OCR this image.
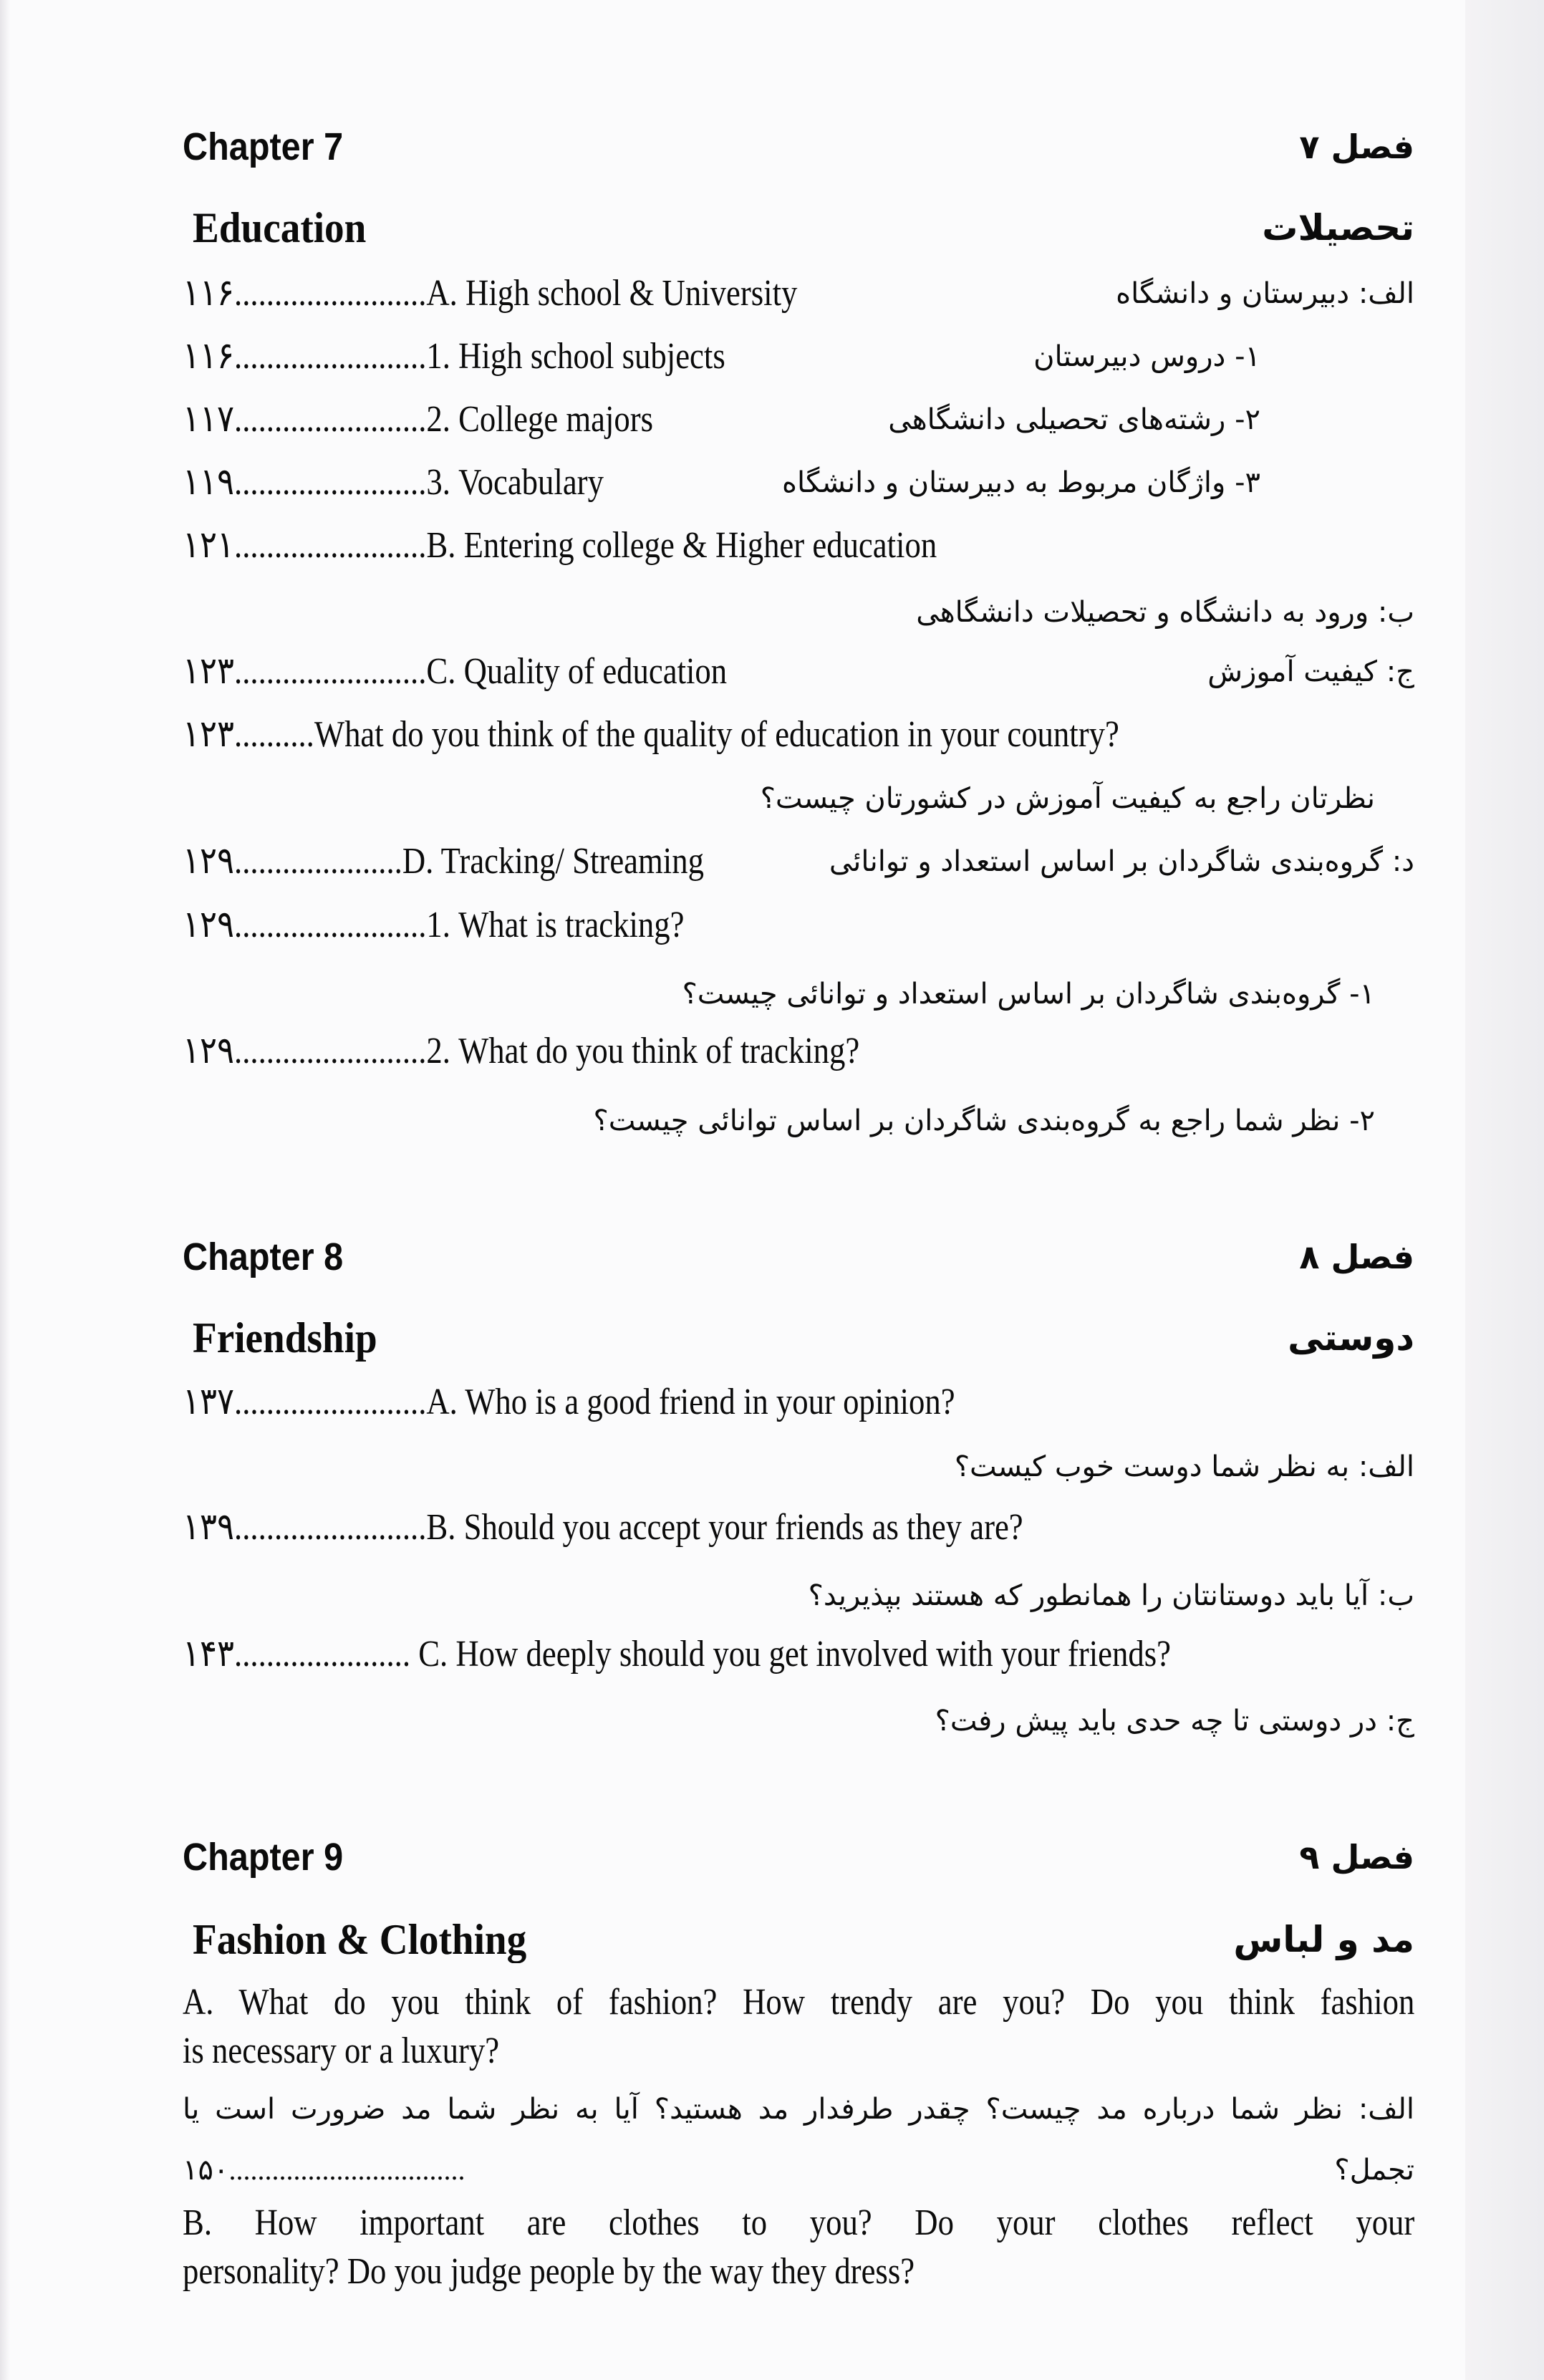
Chapter 7	فصل ۷
Education	تحصیلات
۱۱۶........................A. High school & University	الف: دبیرستان و دانشگاه
۱۱۶........................1. High school subjects	۱- دروس دبیرستان
۱۱۷........................2. College majors	۲- رشته‌های تحصیلی دانشگاهی
۱۱۹........................3. Vocabulary	۳- واژگان مربوط به دبیرستان و دانشگاه
۱۲۱........................B. Entering college & Higher education
ب: ورود به دانشگاه و تحصیلات دانشگاهی
۱۲۳........................C. Quality of education	ج: کیفیت آموزش
۱۲۳..........What do you think of the quality of education in your country?
نظرتان راجع به کیفیت آموزش در کشورتان چیست؟
۱۲۹.....................D. Tracking/ Streaming	د: گروه‌بندی شاگردان بر اساس استعداد و توانائی
۱۲۹........................1. What is tracking?
۱- گروه‌بندی شاگردان بر اساس استعداد و توانائی چیست؟
۱۲۹........................2. What do you think of tracking?
۲- نظر شما راجع به گروه‌بندی شاگردان بر اساس توانائی چیست؟
Chapter 8	فصل ۸
Friendship	دوستی
۱۳۷........................A. Who is a good friend in your opinion?
الف: به نظر شما دوست خوب کیست؟
۱۳۹........................B. Should you accept your friends as they are?
ب: آیا باید دوستانتان را همانطور که هستند بپذیرید؟
۱۴۳...................... C. How deeply should you get involved with your friends?
ج: در دوستی تا چه حدی باید پیش رفت؟
Chapter 9	فصل ۹
Fashion & Clothing	مد و لباس
A. What do you think of fashion? How trendy are you? Do you think fashion
is necessary or a luxury?
الف: نظر شما درباره مد چیست؟ چقدر طرفدار مد هستید؟ آیا به نظر شما مد ضرورت است یا
۱۵۰.................................	تجمل؟
B. How important are clothes to you? Do your clothes reflect your
personality? Do you judge people by the way they dress?
